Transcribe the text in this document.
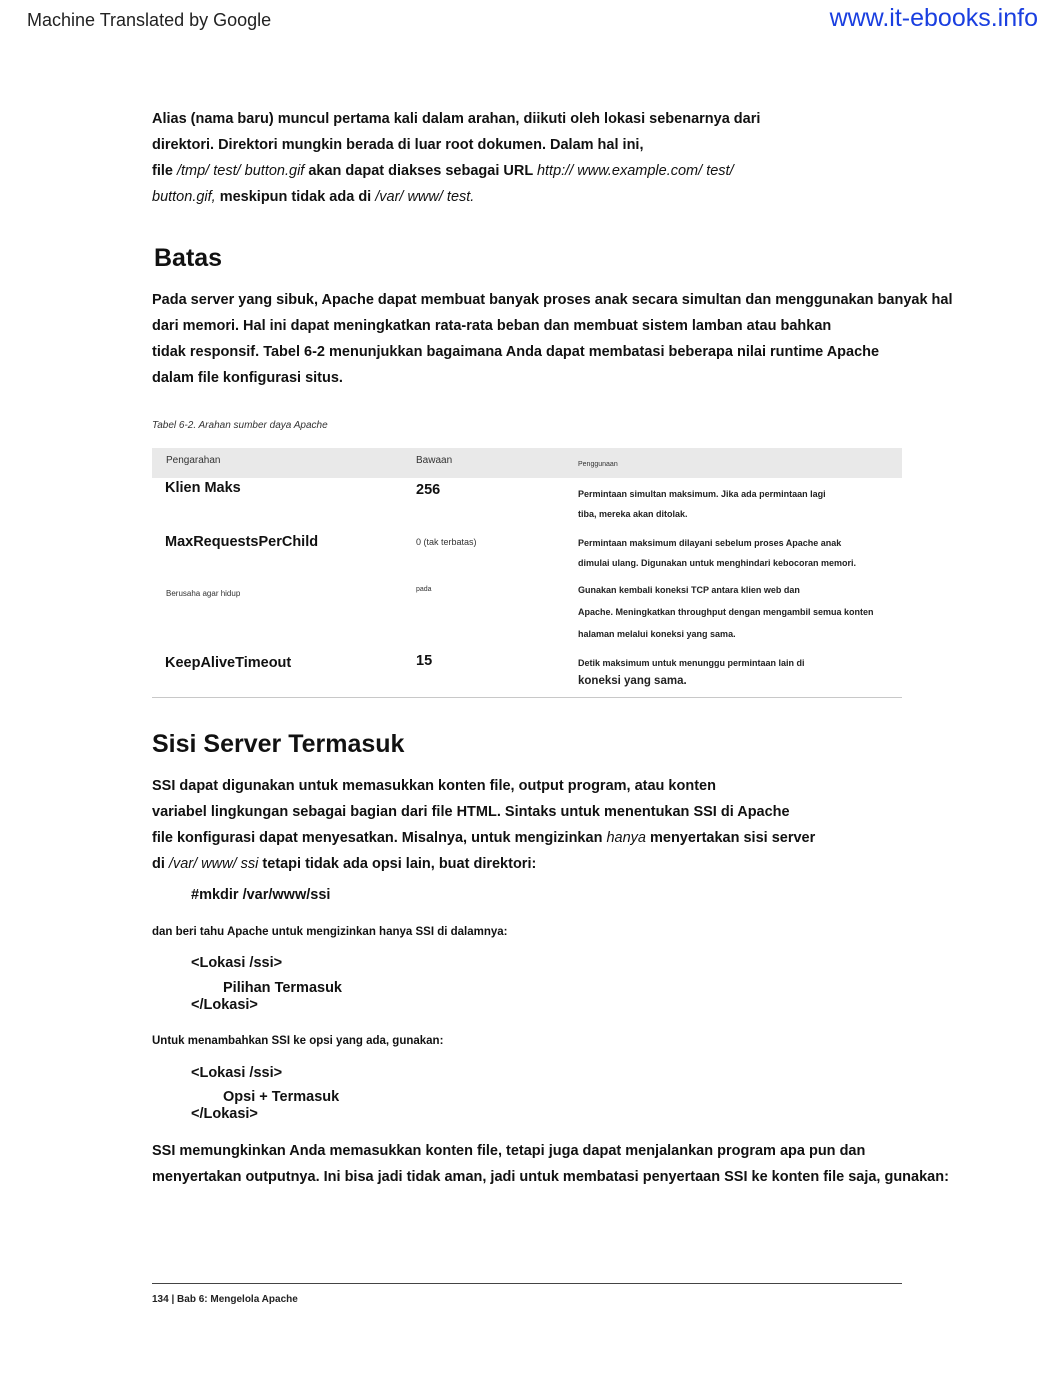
Machine Translated by Google	www.it-ebooks.info
Alias (nama baru) muncul pertama kali dalam arahan, diikuti oleh lokasi sebenarnya dari
direktori. Direktori mungkin berada di luar root dokumen. Dalam hal ini,
file /tmp/ test/ button.gif akan dapat diakses sebagai URL http:// www.example.com/ test/
button.gif, meskipun tidak ada di /var/ www/ test.
Batas
Pada server yang sibuk, Apache dapat membuat banyak proses anak secara simultan dan menggunakan banyak hal
dari memori. Hal ini dapat meningkatkan rata-rata beban dan membuat sistem lamban atau bahkan
tidak responsif. Tabel 6-2 menunjukkan bagaimana Anda dapat membatasi beberapa nilai runtime Apache
dalam file konfigurasi situs.
Tabel 6-2. Arahan sumber daya Apache
Pengarahan	Bawaan	Penggunaan
Klien Maks	256	Permintaan simultan maksimum. Jika ada permintaan lagi
tiba, mereka akan ditolak.
MaxRequestsPerChild	0 (tak terbatas)	Permintaan maksimum dilayani sebelum proses Apache anak
dimulai ulang. Digunakan untuk menghindari kebocoran memori.
Berusaha agar hidup	pada	Gunakan kembali koneksi TCP antara klien web dan
Apache. Meningkatkan throughput dengan mengambil semua konten
halaman melalui koneksi yang sama.
KeepAliveTimeout	15	Detik maksimum untuk menunggu permintaan lain di
koneksi yang sama.
Sisi Server Termasuk
SSI dapat digunakan untuk memasukkan konten file, output program, atau konten
variabel lingkungan sebagai bagian dari file HTML. Sintaks untuk menentukan SSI di Apache
file konfigurasi dapat menyesatkan. Misalnya, untuk mengizinkan hanya menyertakan sisi server
di /var/ www/ ssi tetapi tidak ada opsi lain, buat direktori:
#mkdir /var/www/ssi
dan beri tahu Apache untuk mengizinkan hanya SSI di dalamnya:
<Lokasi /ssi>
Pilihan Termasuk
</Lokasi>
Untuk menambahkan SSI ke opsi yang ada, gunakan:
<Lokasi /ssi>
Opsi + Termasuk
</Lokasi>
SSI memungkinkan Anda memasukkan konten file, tetapi juga dapat menjalankan program apa pun dan
menyertakan outputnya. Ini bisa jadi tidak aman, jadi untuk membatasi penyertaan SSI ke konten file saja, gunakan:
134 | Bab 6: Mengelola Apache
